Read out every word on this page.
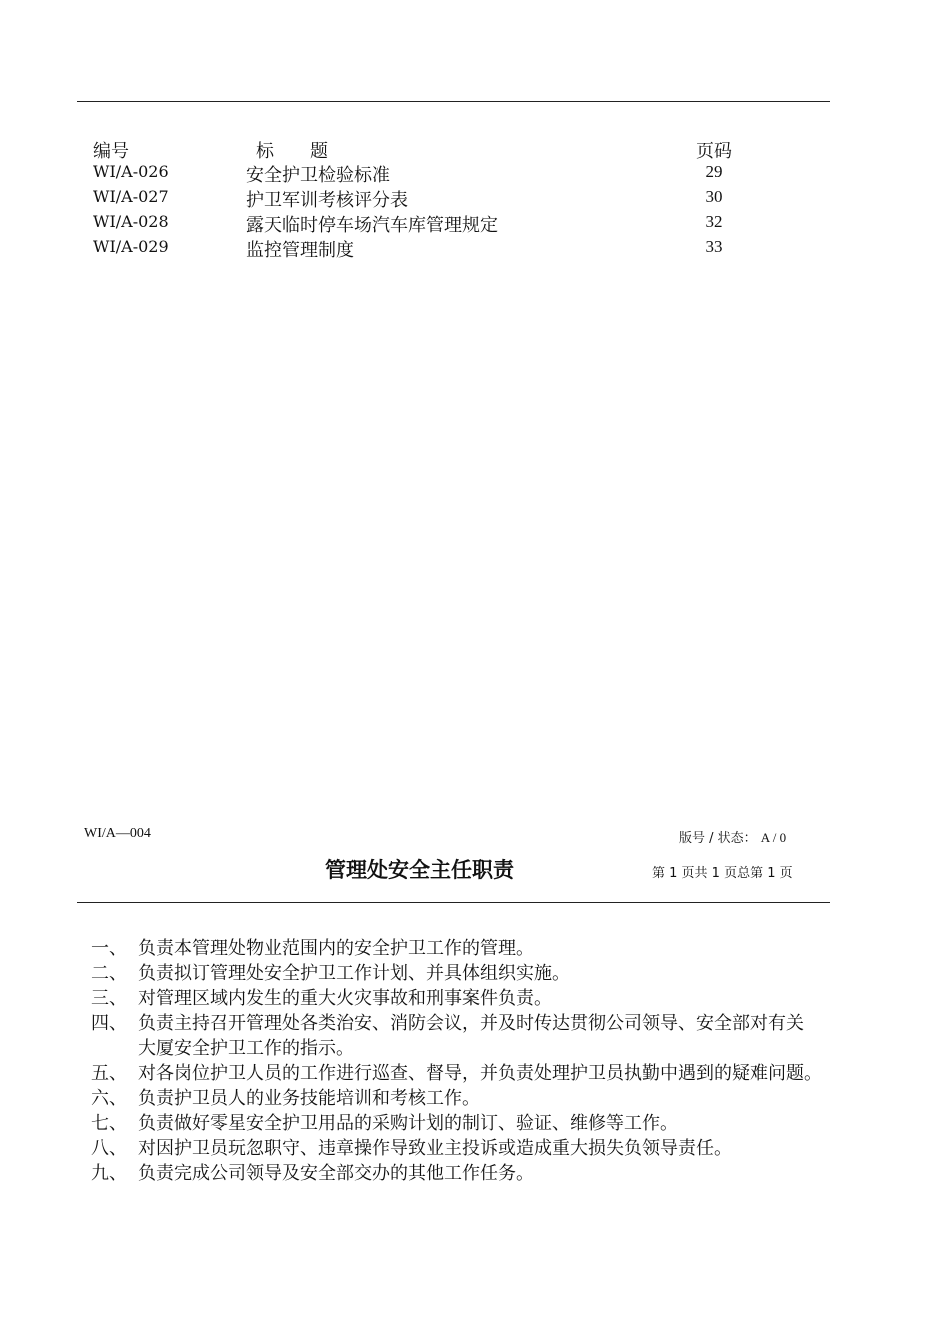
编号	标　　题	页码
WI/A-026	安全护卫检验标准	29
WI/A-027	护卫军训考核评分表	30
WI/A-028	露天临时停车场汽车库管理规定	32
WI/A-029	监控管理制度	33
WI/A—004	版号 / 状态： A / 0
管理处安全主任职责	第 1 页共 1 页总第 1 页
一、 负责本管理处物业范围内的安全护卫工作的管理。
二、 负责拟订管理处安全护卫工作计划、并具体组织实施。
三、 对管理区域内发生的重大火灾事故和刑事案件负责。
四、 负责主持召开管理处各类治安、消防会议，并及时传达贯彻公司领导、安全部对有关
大厦安全护卫工作的指示。
五、 对各岗位护卫人员的工作进行巡查、督导，并负责处理护卫员执勤中遇到的疑难问题。
六、 负责护卫员人的业务技能培训和考核工作。
七、 负责做好零星安全护卫用品的采购计划的制订、验证、维修等工作。
八、 对因护卫员玩忽职守、违章操作导致业主投诉或造成重大损失负领导责任。
九、 负责完成公司领导及安全部交办的其他工作任务。
